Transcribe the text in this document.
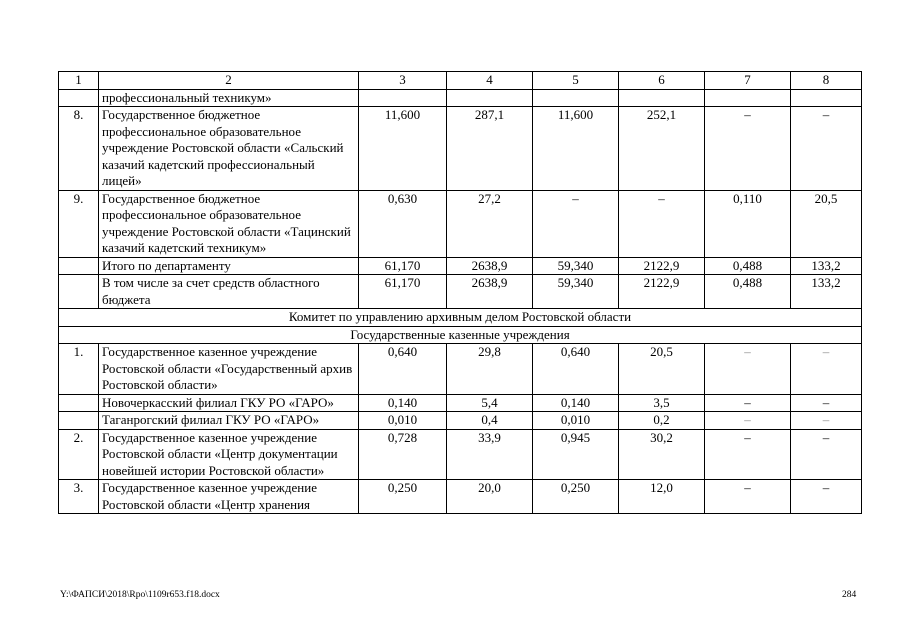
1	2	3	4	5	6	7	8
	профессиональный техникум»						
8.	Государственное бюджетное профессиональное образовательное учреждение Ростовской области «Сальский казачий кадетский профессиональный лицей»	11,600	287,1	11,600	252,1	–	–
9.	Государственное бюджетное профессиональное образовательное учреждение Ростовской области «Тацинский казачий кадетский техникум»	0,630	27,2	–	–	0,110	20,5
	Итого по департаменту	61,170	2638,9	59,340	2122,9	0,488	133,2
	В том числе за счет средств областного бюджета	61,170	2638,9	59,340	2122,9	0,488	133,2
Комитет по управлению архивным делом Ростовской области							
Государственные казенные учреждения							
1.	Государственное казенное учреждение Ростовской области «Государственный архив Ростовской области»	0,640	29,8	0,640	20,5	–	–
	Новочеркасский филиал ГКУ РО «ГАРО»	0,140	5,4	0,140	3,5	–	–
	Таганрогский филиал ГКУ РО «ГАРО»	0,010	0,4	0,010	0,2	–	–
2.	Государственное казенное учреждение Ростовской области «Центр документации новейшей истории Ростовской области»	0,728	33,9	0,945	30,2	–	–
3.	Государственное казенное учреждение Ростовской области «Центр хранения	0,250	20,0	0,250	12,0	–	–
Y:\ФАПСИ\2018\Rpo\1109r653.f18.docx	284
